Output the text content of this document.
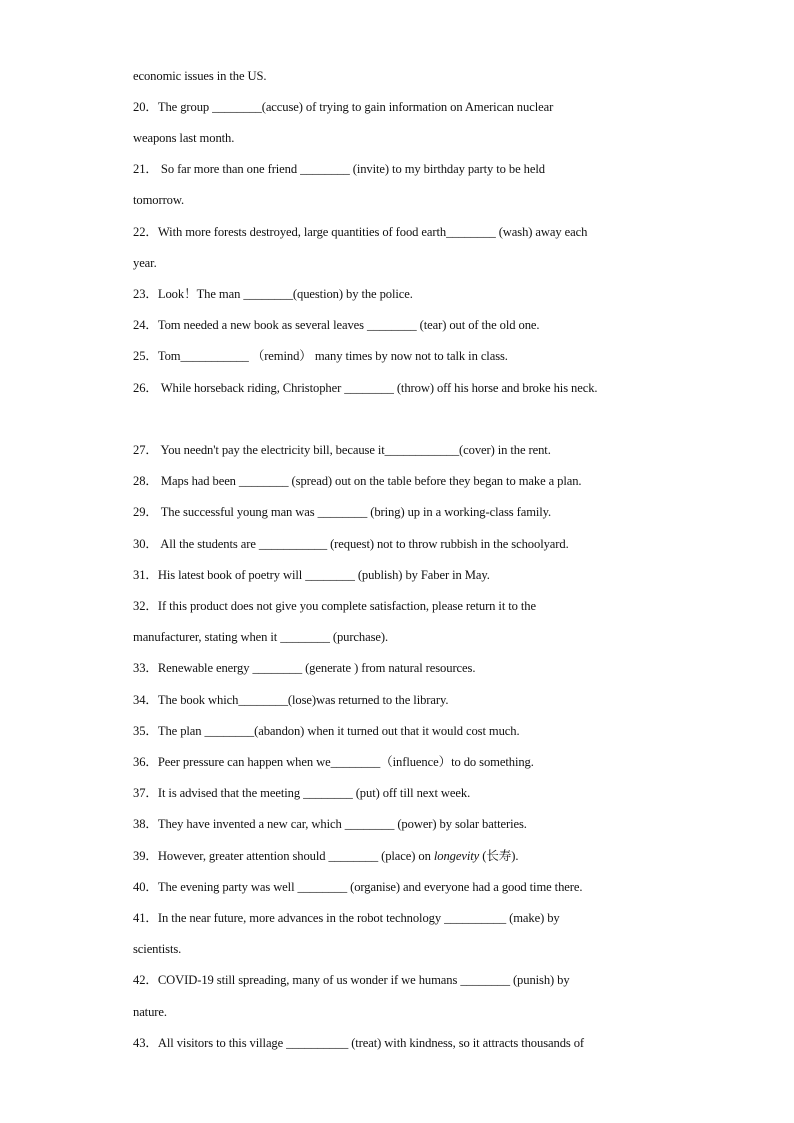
economic issues in the US.
20．The group ________(accuse) of trying to gain information on American nuclear
weapons last month.
21． So far more than one friend ________ (invite) to my birthday party to be held
tomorrow.
22．With more forests destroyed, large quantities of food earth________ (wash) away each
year.
23．Look！The man ________(question) by the police.
24．Tom needed a new book as several leaves ________ (tear) out of the old one.
25．Tom___________ （remind） many times by now not to talk in class.
26． While horseback riding, Christopher ________ (throw) off his horse and broke his neck.
27． You needn't pay the electricity bill, because it____________(cover) in the rent.
28． Maps had been ________ (spread) out on the table before they began to make a plan.
29． The successful young man was ________ (bring) up in a working-class family.
30． All the students are ___________ (request) not to throw rubbish in the schoolyard.
31．His latest book of poetry will ________ (publish) by Faber in May.
32．If this product does not give you complete satisfaction, please return it to the
manufacturer, stating when it ________ (purchase).
33．Renewable energy ________ (generate ) from natural resources.
34．The book which________(lose)was returned to the library.
35．The plan ________(abandon) when it turned out that it would cost much.
36．Peer pressure can happen when we________（influence）to do something.
37．It is advised that the meeting ________ (put) off till next week.
38．They have invented a new car, which ________ (power) by solar batteries.
39．However, greater attention should ________ (place) on longevity (长寿).
40．The evening party was well ________ (organise) and everyone had a good time there.
41．In the near future, more advances in the robot technology __________ (make) by
scientists.
42．COVID-19 still spreading, many of us wonder if we humans ________ (punish) by
nature.
43．All visitors to this village __________ (treat) with kindness, so it attracts thousands of
